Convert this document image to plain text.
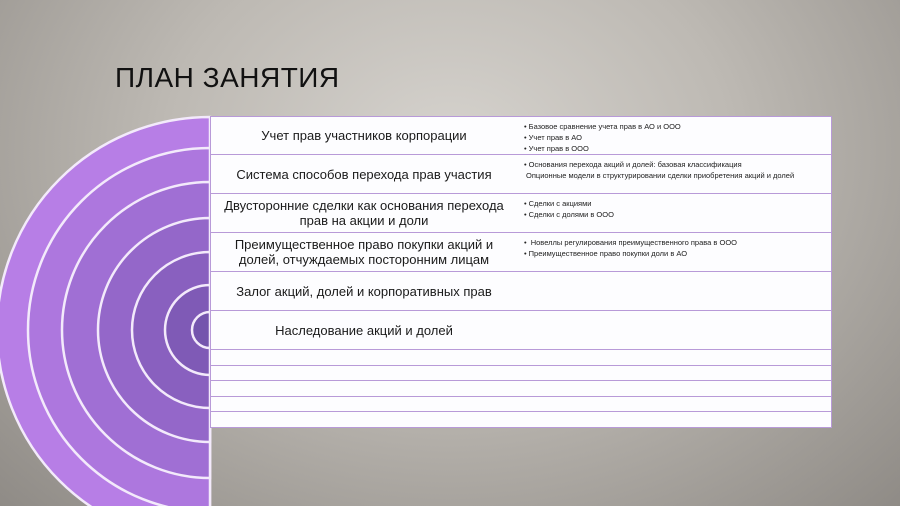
ПЛАН ЗАНЯТИЯ
Учет прав участников корпорации
• Базовое сравнение учета прав в АО и ООО
• Учет прав в АО
• Учет прав в ООО
Система способов перехода прав участия
• Основания перехода акций и долей: базовая классификация
Опционные модели в структурировании сделки приобретения акций и долей
Двусторонние сделки как основания перехода прав на акции и доли
• Сделки с акциями
• Сделки с долями в ООО
Преимущественное право покупки акций и долей, отчуждаемых посторонним лицам
• Новеллы регулирования преимущественного права в ООО
• Преимущественное право покупки доли в АО
Залог акций, долей и корпоративных прав
Наследование акций и долей
